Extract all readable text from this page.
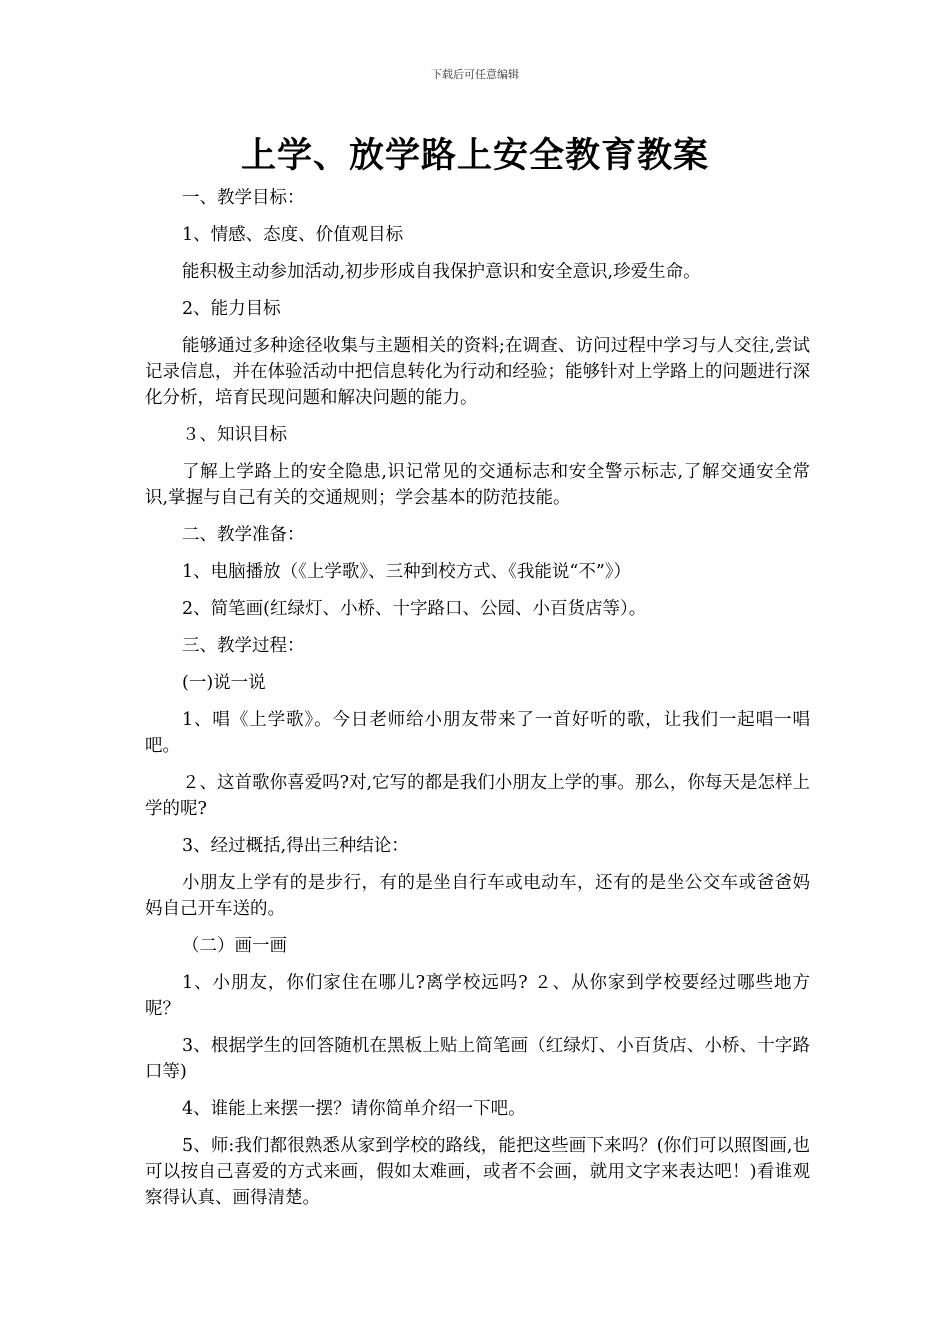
下载后可任意编辑
上学、放学路上安全教育教案

一、教学目标：

1、情感、态度、价值观目标

能积极主动参加活动,初步形成自我保护意识和安全意识,珍爱生命。

2、能力目标

能够通过多种途径收集与主题相关的资料;在调查、访问过程中学习与人交往,尝试记录信息，并在体验活动中把信息转化为行动和经验；能够针对上学路上的问题进行深化分析，培育民现问题和解决问题的能力。

３、知识目标

了解上学路上的安全隐患,识记常见的交通标志和安全警示标志,了解交通安全常识,掌握与自己有关的交通规则；学会基本的防范技能。

二、教学准备：

1、电脑播放（《上学歌》、三种到校方式、《我能说“不”》）

2、简笔画(红绿灯、小桥、十字路口、公园、小百货店等）。

三、教学过程：

(一)说一说

1、唱《上学歌》。今日老师给小朋友带来了一首好听的歌，让我们一起唱一唱吧。

２、这首歌你喜爱吗?对,它写的都是我们小朋友上学的事。那么，你每天是怎样上学的呢?

3、经过概括,得出三种结论：

小朋友上学有的是步行，有的是坐自行车或电动车，还有的是坐公交车或爸爸妈妈自己开车送的。

（二）画一画

1、小朋友，你们家住在哪儿?离学校远吗? ２、从你家到学校要经过哪些地方呢？

3、根据学生的回答随机在黑板上贴上简笔画（红绿灯、小百货店、小桥、十字路口等)

4、谁能上来摆一摆？请你简单介绍一下吧。

5、师:我们都很熟悉从家到学校的路线，能把这些画下来吗？(你们可以照图画,也可以按自己喜爱的方式来画，假如太难画，或者不会画，就用文字来表达吧！)看谁观察得认真、画得清楚。
